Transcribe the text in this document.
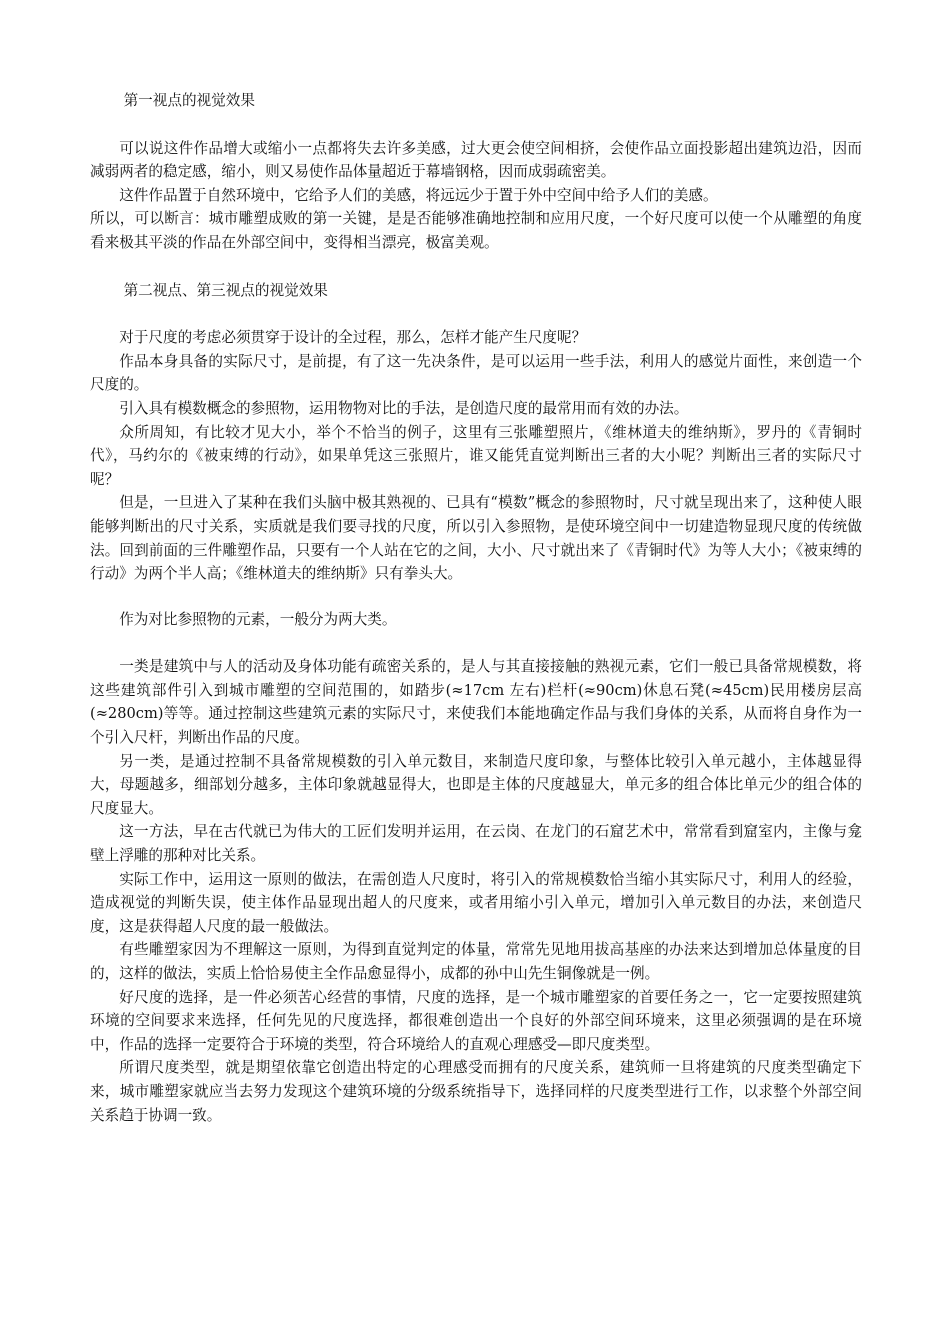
第一视点的视觉效果

可以说这件作品增大或缩小一点都将失去许多美感，过大更会使空间相挤，会使作品立面投影超出建筑边沿，因而减弱两者的稳定感，缩小，则又易使作品体量超近于幕墙钢格，因而成弱疏密美。

这件作品置于自然环境中，它给予人们的美感，将远远少于置于外中空间中给予人们的美感。

所以，可以断言：城市雕塑成败的第一关键，是是否能够准确地控制和应用尺度，一个好尺度可以使一个从雕塑的角度看来极其平淡的作品在外部空间中，变得相当漂亮，极富美观。

第二视点、第三视点的视觉效果

对于尺度的考虑必须贯穿于设计的全过程，那么，怎样才能产生尺度呢？

作品本身具备的实际尺寸，是前提，有了这一先决条件，是可以运用一些手法，利用人的感觉片面性，来创造一个尺度的。

引入具有模数概念的参照物，运用物物对比的手法，是创造尺度的最常用而有效的办法。

众所周知，有比较才见大小，举个不恰当的例子，这里有三张雕塑照片，《维林道夫的维纳斯》，罗丹的《青铜时代》，马约尔的《被束缚的行动》，如果单凭这三张照片，谁又能凭直觉判断出三者的大小呢？判断出三者的实际尺寸呢？

但是，一旦进入了某种在我们头脑中极其熟视的、已具有“模数”概念的参照物时，尺寸就呈现出来了，这种使人眼能够判断出的尺寸关系，实质就是我们要寻找的尺度，所以引入参照物，是使环境空间中一切建造物显现尺度的传统做法。回到前面的三件雕塑作品，只要有一个人站在它的之间，大小、尺寸就出来了《青铜时代》为等人大小；《被束缚的行动》为两个半人高；《维林道夫的维纳斯》只有拳头大。

作为对比参照物的元素，一般分为两大类。

一类是建筑中与人的活动及身体功能有疏密关系的，是人与其直接接触的熟视元素，它们一般已具备常规模数，将这些建筑部件引入到城市雕塑的空间范围的，如踏步(≈17cm 左右)栏杆(≈90cm)休息石凳(≈45cm)民用楼房层高(≈280cm)等等。通过控制这些建筑元素的实际尺寸，来使我们本能地确定作品与我们身体的关系，从而将自身作为一个引入尺杆，判断出作品的尺度。

另一类，是通过控制不具备常规模数的引入单元数目，来制造尺度印象，与整体比较引入单元越小，主体越显得大，母题越多，细部划分越多，主体印象就越显得大，也即是主体的尺度越显大，单元多的组合体比单元少的组合体的尺度显大。

这一方法，早在古代就已为伟大的工匠们发明并运用，在云岗、在龙门的石窟艺术中，常常看到窟室内，主像与龛壁上浮雕的那种对比关系。

实际工作中，运用这一原则的做法，在需创造人尺度时，将引入的常规模数恰当缩小其实际尺寸，利用人的经验，造成视觉的判断失误，使主体作品显现出超人的尺度来，或者用缩小引入单元，增加引入单元数目的办法，来创造尺度，这是获得超人尺度的最一般做法。

有些雕塑家因为不理解这一原则，为得到直觉判定的体量，常常先见地用拔高基座的办法来达到增加总体量度的目的，这样的做法，实质上恰恰易使主全作品愈显得小，成都的孙中山先生铜像就是一例。

好尺度的选择，是一件必须苦心经营的事情，尺度的选择，是一个城市雕塑家的首要任务之一，它一定要按照建筑环境的空间要求来选择，任何先见的尺度选择，都很难创造出一个良好的外部空间环境来，这里必须强调的是在环境中，作品的选择一定要符合于环境的类型，符合环境给人的直观心理感受—即尺度类型。

所谓尺度类型，就是期望依靠它创造出特定的心理感受而拥有的尺度关系，建筑师一旦将建筑的尺度类型确定下来，城市雕塑家就应当去努力发现这个建筑环境的分级系统指导下，选择同样的尺度类型进行工作，以求整个外部空间关系趋于协调一致。
